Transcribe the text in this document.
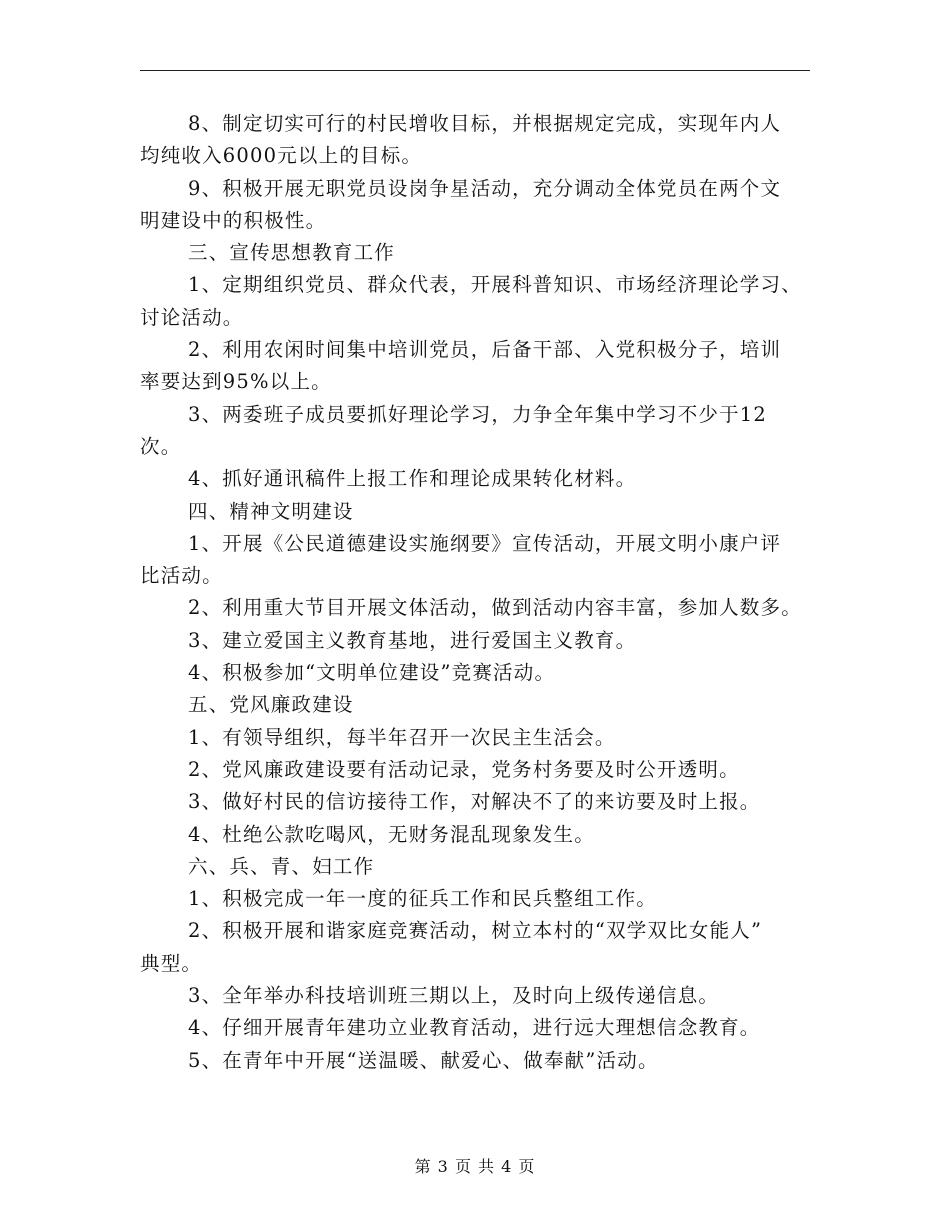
8、制定切实可行的村民增收目标，并根据规定完成，实现年内人
均纯收入6000元以上的目标。
9、积极开展无职党员设岗争星活动，充分调动全体党员在两个文
明建设中的积极性。
三、宣传思想教育工作
1、定期组织党员、群众代表，开展科普知识、市场经济理论学习、
讨论活动。
2、利用农闲时间集中培训党员，后备干部、入党积极分子，培训
率要达到95%以上。
3、两委班子成员要抓好理论学习，力争全年集中学习不少于12
次。
4、抓好通讯稿件上报工作和理论成果转化材料。
四、精神文明建设
1、开展《公民道德建设实施纲要》宣传活动，开展文明小康户评
比活动。
2、利用重大节目开展文体活动，做到活动内容丰富，参加人数多。
3、建立爱国主义教育基地，进行爱国主义教育。
4、积极参加“文明单位建设”竞赛活动。
五、党风廉政建设
1、有领导组织，每半年召开一次民主生活会。
2、党风廉政建设要有活动记录，党务村务要及时公开透明。
3、做好村民的信访接待工作，对解决不了的来访要及时上报。
4、杜绝公款吃喝风，无财务混乱现象发生。
六、兵、青、妇工作
1、积极完成一年一度的征兵工作和民兵整组工作。
2、积极开展和谐家庭竞赛活动，树立本村的“双学双比女能人”
典型。
3、全年举办科技培训班三期以上，及时向上级传递信息。
4、仔细开展青年建功立业教育活动，进行远大理想信念教育。
5、在青年中开展“送温暖、献爱心、做奉献”活动。
第 3 页 共 4 页
